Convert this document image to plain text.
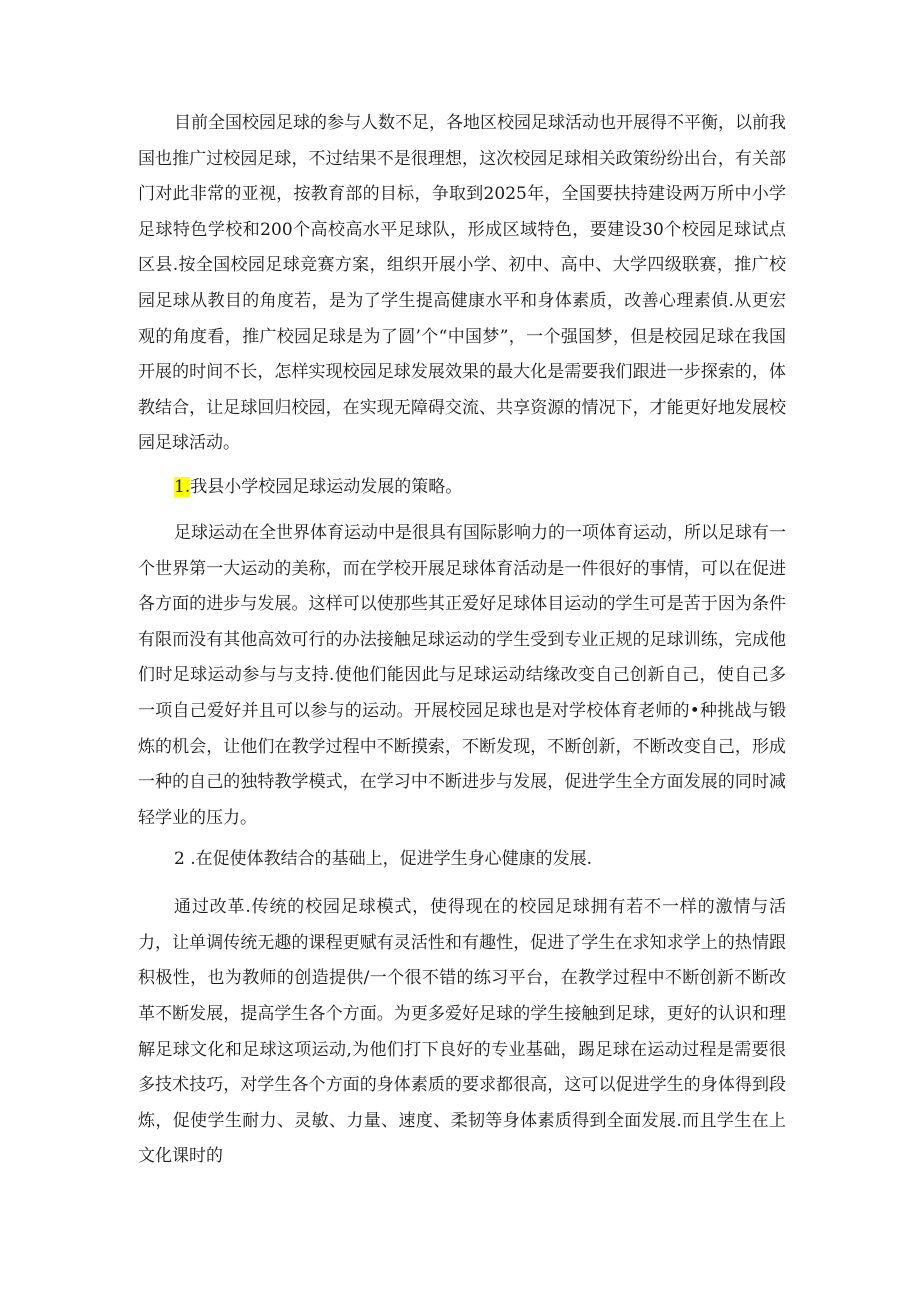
目前全国校园足球的参与人数不足，各地区校园足球活动也开展得不平衡，以前我国也推广过校园足球，不过结果不是很理想，这次校园足球相关政策纷纷出台，有关部门对此非常的亚视，按教育部的目标，争取到2025年，全国要扶持建设两万所中小学足球特色学校和200个高校高水平足球队，形成区域特色，要建设30个校园足球试点区县.按全国校园足球竞赛方案，组织开展小学、初中、高中、大学四级联赛，推广校园足球从教目的角度若，是为了学生提高健康水平和身体素质，改善心理素偵.从更宏观的角度看，推广校园足球是为了圆’个“中国梦”，一个强国梦，但是校园足球在我国开展的时间不长，怎样实现校园足球发展效果的最大化是需要我们跟进一步探索的，体教结合，让足球回归校园，在实现无障碍交流、共享资源的情况下，才能更好地发展校园足球活动。

1.我县小学校园足球运动发展的策略。

足球运动在全世界体育运动中是很具有国际影响力的一项体育运动，所以足球有一个世界第一大运动的美称，而在学校开展足球体育活动是一件很好的事情，可以在促进各方面的进步与发展。这样可以使那些其正爱好足球体目运动的学生可是苦于因为条件有限而没有其他高效可行的办法接触足球运动的学生受到专业正规的足球训练，完成他们时足球运动参与与支持.使他们能因此与足球运动结缘改变自己创新自己，使自己多一项自己爱好并且可以参与的运动。开展校园足球也是对学校体育老师的•种挑战与锻炼的机会，让他们在教学过程中不断摸索，不断发现，不断创新，不断改变自己，形成一种的自己的独特教学模式，在学习中不断进步与发展，促进学生全方面发展的同时减轻学业的压力。

2 .在促使体教结合的基础上，促进学生身心健康的发展.

通过改革.传统的校园足球模式，使得现在的校园足球拥有若不一样的激情与活力，让单调传统无趣的课程更赋有灵活性和有趣性，促进了学生在求知求学上的热情跟积极性，也为教师的创造提供/一个很不错的练习平台，在教学过程中不断创新不断改革不断发展，提高学生各个方面。为更多爱好足球的学生接触到足球，更好的认识和理解足球文化和足球这项运动,为他们打下良好的专业基础，踢足球在运动过程是需要很多技术技巧，对学生各个方面的身体素质的要求都很高，这可以促进学生的身体得到段炼，促使学生耐力、灵敏、力量、速度、柔韧等身体素质得到全面发展.而且学生在上文化课时的
